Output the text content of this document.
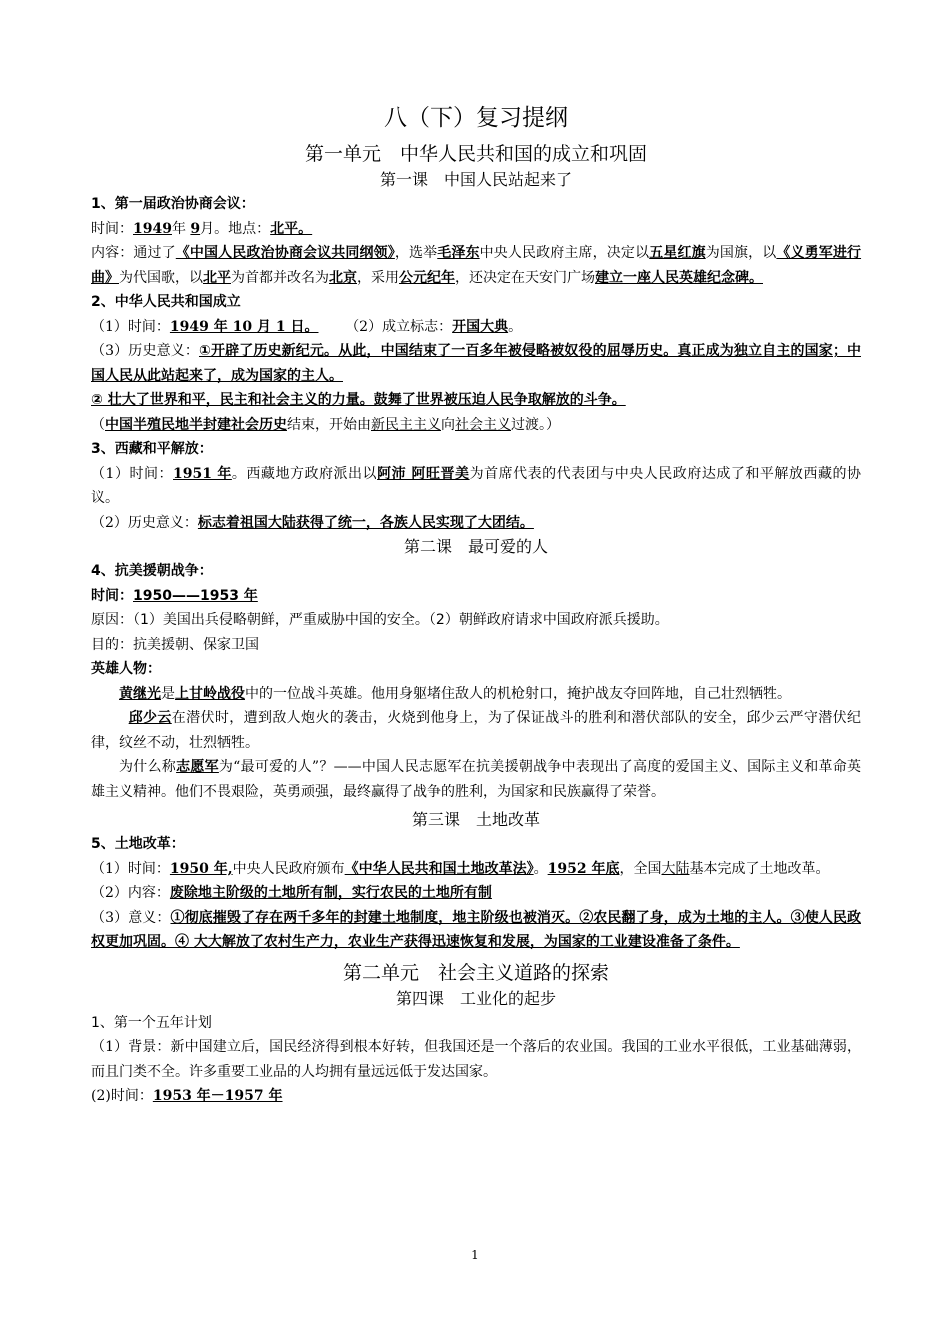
八（下）复习提纲
第一单元　中华人民共和国的成立和巩固
第一课　中国人民站起来了

1、第一届政治协商会议：

时间：1949年 9月。地点：北平。

内容：通过了《中国人民政治协商会议共同纲领》，选举毛泽东中央人民政府主席，决定以五星红旗为国旗，以《义勇军进行曲》为代国歌，以北平为首都并改名为北京，采用公元纪年，还决定在天安门广场建立一座人民英雄纪念碑。

2、中华人民共和国成立

（1）时间：1949 年 10 月 1 日。 （2）成立标志：开国大典。

（3）历史意义：①开辟了历史新纪元。从此，中国结束了一百多年被侵略被奴役的屈辱历史。真正成为独立自主的国家；中国人民从此站起来了，成为国家的主人。

② 壮大了世界和平，民主和社会主义的力量。鼓舞了世界被压迫人民争取解放的斗争。

（中国半殖民地半封建社会历史结束，开始由新民主主义向社会主义过渡。）

3、西藏和平解放：

（1）时间：1951 年。西藏地方政府派出以阿沛 阿旺晋美为首席代表的代表团与中央人民政府达成了和平解放西藏的协议。

（2）历史意义：标志着祖国大陆获得了统一，各族人民实现了大团结。

第二课　最可爱的人

4、抗美援朝战争：

时间：1950——1953 年

原因：（1）美国出兵侵略朝鲜，严重威胁中国的安全。（2）朝鲜政府请求中国政府派兵援助。

目的：抗美援朝、保家卫国

英雄人物：

黄继光是上甘岭战役中的一位战斗英雄。他用身躯堵住敌人的机枪射口，掩护战友夺回阵地，自己壮烈牺牲。

邱少云在潜伏时，遭到敌人炮火的袭击，火烧到他身上，为了保证战斗的胜利和潜伏部队的安全，邱少云严守潜伏纪律，纹丝不动，壮烈牺牲。

为什么称志愿军为“最可爱的人”？——中国人民志愿军在抗美援朝战争中表现出了高度的爱国主义、国际主义和革命英雄主义精神。他们不畏艰险，英勇顽强，最终赢得了战争的胜利，为国家和民族赢得了荣誉。

第三课　土地改革

5、土地改革：

（1）时间：1950 年,中央人民政府颁布《中华人民共和国土地改革法》。1952 年底，全国大陆基本完成了土地改革。

（2）内容：废除地主阶级的土地所有制，实行农民的土地所有制

（3）意义：①彻底摧毁了存在两千多年的封建土地制度，地主阶级也被消灭。②农民翻了身，成为土地的主人。③使人民政权更加巩固。④ 大大解放了农村生产力，农业生产获得迅速恢复和发展，为国家的工业建设准备了条件。

第二单元　社会主义道路的探索
第四课　工业化的起步

1、第一个五年计划

（1）背景：新中国建立后，国民经济得到根本好转，但我国还是一个落后的农业国。我国的工业水平很低，工业基础薄弱，而且门类不全。许多重要工业品的人均拥有量远远低于发达国家。

(2)时间：1953 年－1957 年

1
